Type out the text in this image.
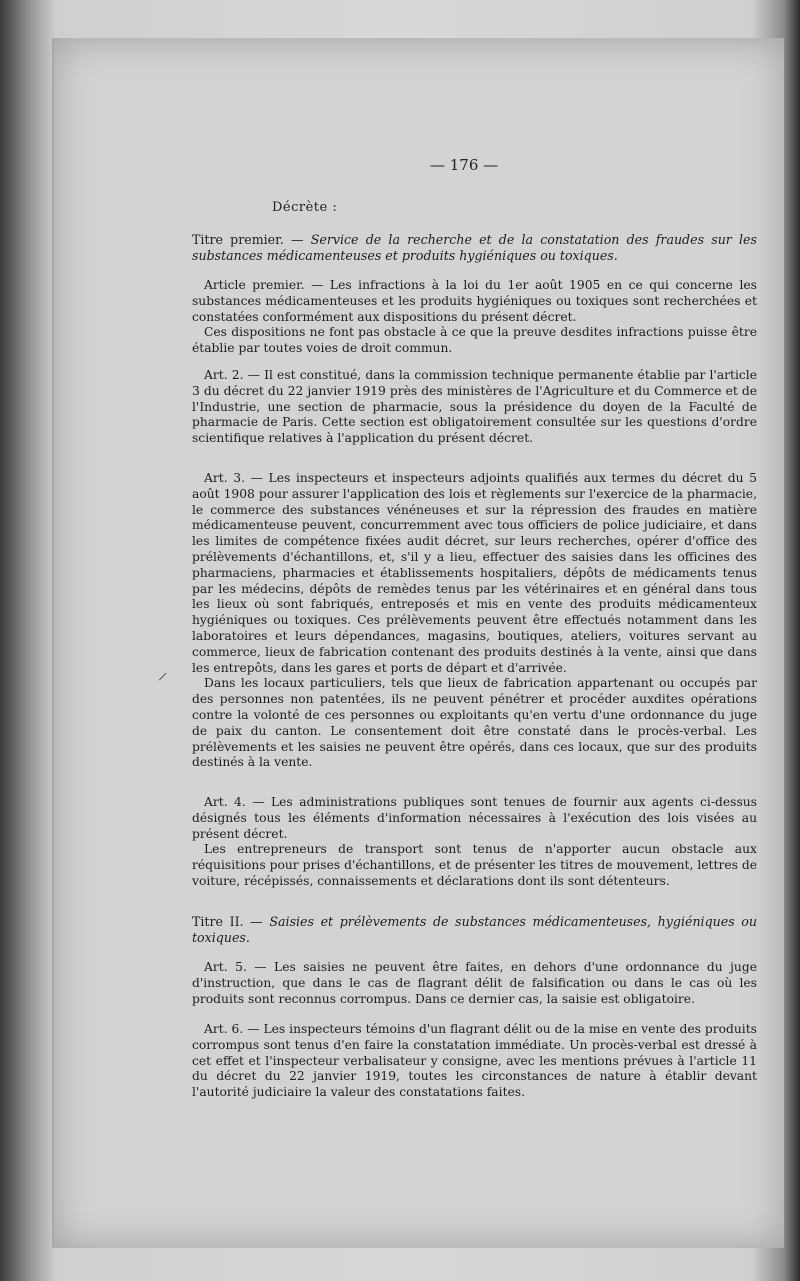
— 176 —
Décrète :

Titre premier. — Service de la recherche et de la constatation des fraudes sur les substances médicamenteuses et produits hygiéniques ou toxiques.

Article premier. — Les infractions à la loi du 1er août 1905 en ce qui concerne les substances médicamenteuses et les produits hygiéniques ou toxiques sont recherchées et constatées conformément aux dispositions du présent décret.

Ces dispositions ne font pas obstacle à ce que la preuve desdites infractions puisse être établie par toutes voies de droit commun.

Art. 2. — Il est constitué, dans la commission technique permanente établie par l'article 3 du décret du 22 janvier 1919 près des ministères de l'Agriculture et du Commerce et de l'Industrie, une section de pharmacie, sous la présidence du doyen de la Faculté de pharmacie de Paris. Cette section est obligatoirement consultée sur les questions d'ordre scientifique relatives à l'application du présent décret.

Art. 3. — Les inspecteurs et inspecteurs adjoints qualifiés aux termes du décret du 5 août 1908 pour assurer l'application des lois et règlements sur l'exercice de la pharmacie, le commerce des substances vénéneuses et sur la répression des fraudes en matière médicamenteuse peuvent, concurremment avec tous officiers de police judiciaire, et dans les limites de compétence fixées audit décret, sur leurs recherches, opérer d'office des prélèvements d'échantillons, et, s'il y a lieu, effectuer des saisies dans les officines des pharmaciens, pharmacies et établissements hospitaliers, dépôts de médicaments tenus par les médecins, dépôts de remèdes tenus par les vétérinaires et en général dans tous les lieux où sont fabriqués, entreposés et mis en vente des produits médicamenteux hygiéniques ou toxiques. Ces prélèvements peuvent être effectués notamment dans les laboratoires et leurs dépendances, magasins, boutiques, ateliers, voitures servant au commerce, lieux de fabrication contenant des produits destinés à la vente, ainsi que dans les entrepôts, dans les gares et ports de départ et d'arrivée.

Dans les locaux particuliers, tels que lieux de fabrication appartenant ou occupés par des personnes non patentées, ils ne peuvent pénétrer et procéder auxdites opérations contre la volonté de ces personnes ou exploitants qu'en vertu d'une ordonnance du juge de paix du canton. Le consentement doit être constaté dans le procès-verbal. Les prélèvements et les saisies ne peuvent être opérés, dans ces locaux, que sur des produits destinés à la vente.

Art. 4. — Les administrations publiques sont tenues de fournir aux agents ci-dessus désignés tous les éléments d'information nécessaires à l'exécution des lois visées au présent décret.

Les entrepreneurs de transport sont tenus de n'apporter aucun obstacle aux réquisitions pour prises d'échantillons, et de présenter les titres de mouvement, lettres de voiture, récépissés, connaissements et déclarations dont ils sont détenteurs.

Titre II. — Saisies et prélèvements de substances médicamenteuses, hygiéniques ou toxiques.

Art. 5. — Les saisies ne peuvent être faites, en dehors d'une ordonnance du juge d'instruction, que dans le cas de flagrant délit de falsification ou dans le cas où les produits sont reconnus corrompus. Dans ce dernier cas, la saisie est obligatoire.

Art. 6. — Les inspecteurs témoins d'un flagrant délit ou de la mise en vente des produits corrompus sont tenus d'en faire la constatation immédiate. Un procès-verbal est dressé à cet effet et l'inspecteur verbalisateur y consigne, avec les mentions prévues à l'article 11 du décret du 22 janvier 1919, toutes les circonstances de nature à établir devant l'autorité judiciaire la valeur des constatations faites.
